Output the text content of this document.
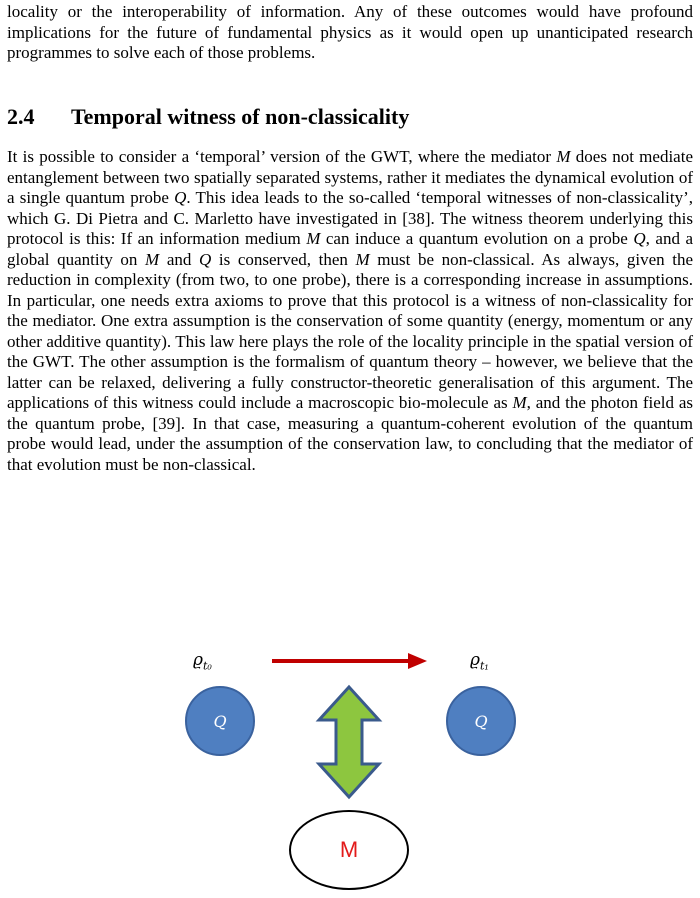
locality or the interoperability of information. Any of these outcomes would have profound implications for the future of fundamental physics as it would open up unanticipated research programmes to solve each of those problems.

2.4 Temporal witness of non-classicality

It is possible to consider a ‘temporal’ version of the GWT, where the mediator M does not mediate entanglement between two spatially separated systems, rather it mediates the dynamical evolution of a single quantum probe Q. This idea leads to the so-called ‘temporal witnesses of non-classicality’, which G. Di Pietra and C. Marletto have investigated in [38]. The witness theorem underlying this protocol is this: If an information medium M can induce a quantum evolution on a probe Q, and a global quantity on M and Q is conserved, then M must be non-classical. As always, given the reduction in complexity (from two, to one probe), there is a corresponding increase in assumptions. In particular, one needs extra axioms to prove that this protocol is a witness of non-classicality for the mediator. One extra assumption is the conservation of some quantity (energy, momentum or any other additive quantity). This law here plays the role of the locality principle in the spatial version of the GWT. The other assumption is the formalism of quantum theory – however, we believe that the latter can be relaxed, delivering a fully constructor-theoretic generalisation of this argument. The applications of this witness could include a macroscopic bio-molecule as M, and the photon field as the quantum probe, [39]. In that case, measuring a quantum-coherent evolution of the quantum probe would lead, under the assumption of the conservation law, to concluding that the mediator of that evolution must be non-classical.

$ϱ_{t_0}$	$ϱ_{t_1}$
Q	Q
M
